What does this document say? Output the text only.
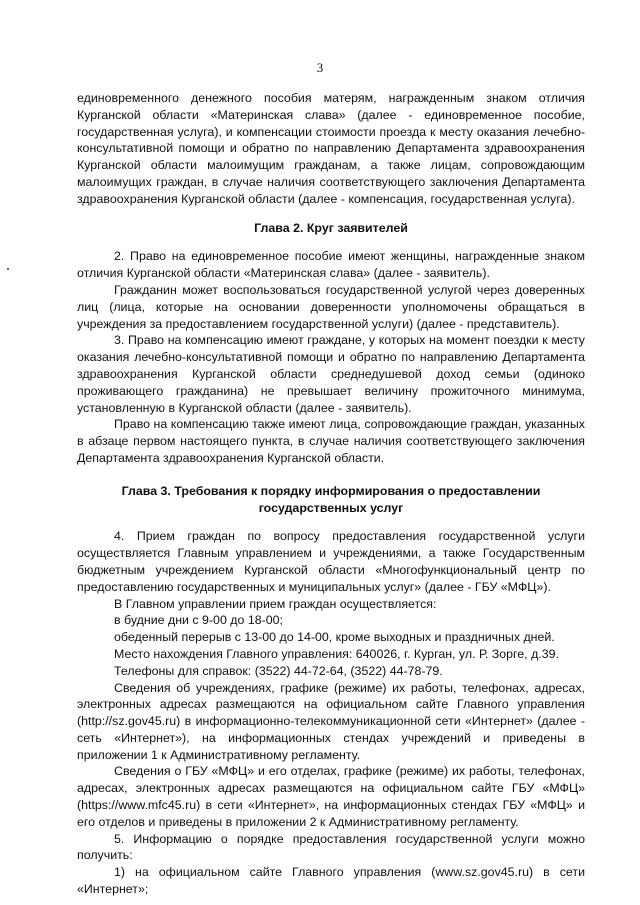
3

единовременного денежного пособия матерям, награжденным знаком отличия Курганской области «Материнская слава» (далее - единовременное пособие, государственная услуга), и компенсации стоимости проезда к месту оказания лечебно-консультативной помощи и обратно по направлению Департамента здравоохранения Курганской области малоимущим гражданам, а также лицам, сопровождающим малоимущих граждан, в случае наличия соответствующего заключения Департамента здравоохранения Курганской области (далее - компенсация, государственная услуга).

Глава 2. Круг заявителей

2. Право на единовременное пособие имеют женщины, награжденные знаком отличия Курганской области «Материнская слава» (далее - заявитель).

Гражданин может воспользоваться государственной услугой через доверенных лиц (лица, которые на основании доверенности уполномочены обращаться в учреждения за предоставлением государственной услуги) (далее - представитель).

3. Право на компенсацию имеют граждане, у которых на момент поездки к месту оказания лечебно-консультативной помощи и обратно по направлению Департамента здравоохранения Курганской области среднедушевой доход семьи (одиноко проживающего гражданина) не превышает величину прожиточного минимума, установленную в Курганской области (далее - заявитель).

Право на компенсацию также имеют лица, сопровождающие граждан, указанных в абзаце первом настоящего пункта, в случае наличия соответствующего заключения Департамента здравоохранения Курганской области.

Глава 3. Требования к порядку информирования о предоставлении

государственных услуг

4. Прием граждан по вопросу предоставления государственной услуги осуществляется Главным управлением и учреждениями, а также Государственным бюджетным учреждением Курганской области «Многофункциональный центр по предоставлению государственных и муниципальных услуг» (далее - ГБУ «МФЦ»).

В Главном управлении прием граждан осуществляется:

в будние дни с 9-00 до 18-00;

обеденный перерыв с 13-00 до 14-00, кроме выходных и праздничных дней.

Место нахождения Главного управления: 640026, г. Курган, ул. Р. Зорге, д.39.

Телефоны для справок: (3522) 44-72-64, (3522) 44-78-79.

Сведения об учреждениях, графике (режиме) их работы, телефонах, адресах, электронных адресах размещаются на официальном сайте Главного управления (http://sz.gov45.ru) в информационно-телекоммуникационной сети «Интернет» (далее - сеть «Интернет»), на информационных стендах учреждений и приведены в приложении 1 к Административному регламенту.

Сведения о ГБУ «МФЦ» и его отделах, графике (режиме) их работы, телефонах, адресах, электронных адресах размещаются на официальном сайте ГБУ «МФЦ» (https://www.mfc45.ru) в сети «Интернет», на информационных стендах ГБУ «МФЦ» и его отделов и приведены в приложении 2 к Административному регламенту.

5. Информацию о порядке предоставления государственной услуги можно получить:

1) на официальном сайте Главного управления (www.sz.gov45.ru) в сети «Интернет»;
